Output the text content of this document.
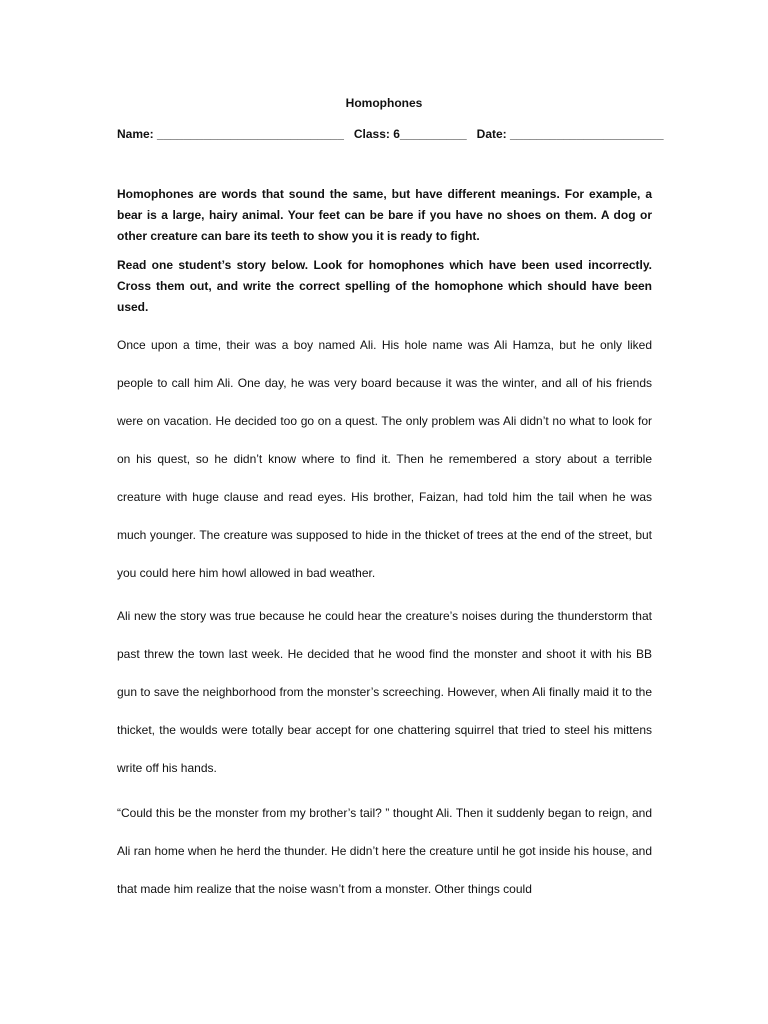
Homophones
Name: ____________________________   Class: 6__________   Date: _______________________

Homophones are words that sound the same, but have different meanings. For example, a bear is a large, hairy animal. Your feet can be bare if you have no shoes on them. A dog or other creature can bare its teeth to show you it is ready to fight.

Read one student’s story below. Look for homophones which have been used incorrectly. Cross them out, and write the correct spelling of the homophone which should have been used.

Once upon a time, their was a boy named Ali. His hole name was Ali Hamza, but he only liked people to call him Ali. One day, he was very board because it was the winter, and all of his friends were on vacation. He decided too go on a quest. The only problem was Ali didn’t no what to look for on his quest, so he didn’t know where to find it. Then he remembered a story about a terrible creature with huge clause and read eyes. His brother, Faizan, had told him the tail when he was much younger. The creature was supposed to hide in the thicket of trees at the end of the street, but you could here him howl allowed in bad weather.

Ali new the story was true because he could hear the creature’s noises during the thunderstorm that past threw the town last week. He decided that he wood find the monster and shoot it with his BB gun to save the neighborhood from the monster’s screeching. However, when Ali finally maid it to the thicket, the woulds were totally bear accept for one chattering squirrel that tried to steel his mittens write off his hands.

“Could this be the monster from my brother’s tail? ” thought Ali. Then it suddenly began to reign, and Ali ran home when he herd the thunder. He didn’t here the creature until he got inside his house, and that made him realize that the noise wasn’t from a monster. Other things could
